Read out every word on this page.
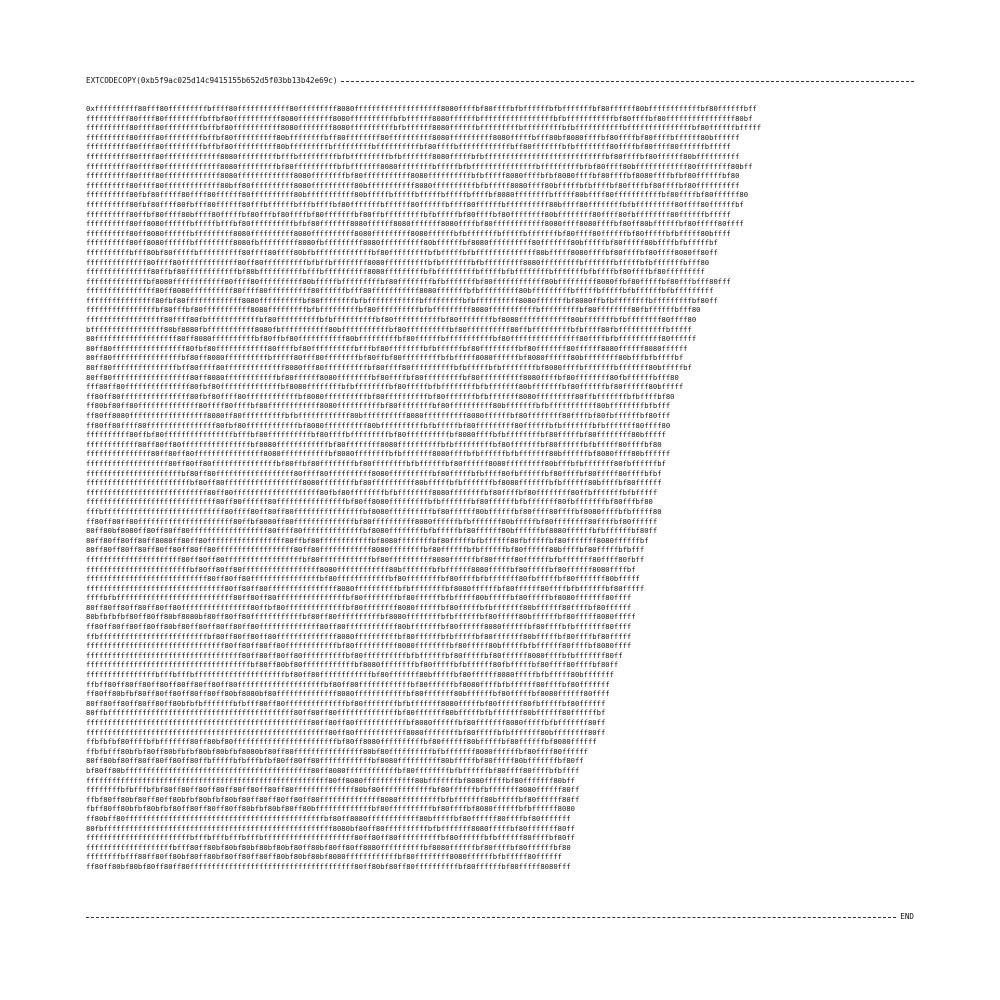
EXTCODECOPY(0xb5f9ac025d14c9415155b652d5f03bb13b42e69c)
0xffffffffff80fff80fffffffffbffff80ffffffffffff80fffffffff8080ffffffffffffffffffff8080ffffbf80ffffbfbffffffbfbfffffffbf80ffffff80bffffffffffffbf80ffffffbff
ffffffffff80ffff80fffffffffbffbf80fffffffffff8080ffffffff8080ffffffffffbfbffffff8080ffffffbfffffffffffffffffbfbfffffffffffbf80ffffbf80ffffffffffffffff80bf
ffffffffff80ffff80fffffffffbffbf80fffffffffff8080ffffffff8080ffffffffffbfbffffff8080ffffffbfffffffffbfffffffffbfbfffffffffffbfffffffffffffffbf80ffffffbfffff
ffffffffff80ffff80fffffffffbffbf80ffffffffff80bffffffffbff80ffffffff80ffffffffff8080ffffffffff8080fffffbfff80bf8080ffffbf80ffffbf80ffffbffffff80bffffff
ffffffffff80ffff80fffffffffbffbf80ffffffffff80bfffffffffbfffffffffbffffffffffbf80ffffbffffffffffffbff80fffffffbfbffffffff80ffffbf80ffff80ffffffbfffff
ffffffffff80ffff80fffffffffffff8080fffffffffbfffbfffffffffbfbfffffffffbfbfffffff8080fffffbfbffffffffffffffffffffffffffffbf80ffffbf80ffffff80bffffffffff
ffffffffff80ffff80fffffffffffff8080fffffffffbf80ffffffffffbfbfffffff8080ffffffffbfffffbfbfffffffffffffffbfffffffffbfbf80ffff80bffffffffffff80ffffffff80bff
ffffffffff80ffff80fffffffffffff8080fffffffffffff8080ffffffffbf80fffffffffff8080ffffffffffbfbfffff8080ffffbfbf8080ffffbf80ffffbf8080ffffbfbf80ffffffbf80
ffffffffff80ffff80fffffffffffff80bff80ffffffffff8080ffffffffff80bfffffffffff8080ffffffffffbfbfffff8080ffff80bfffffbfbffffbf80ffffbf80ffffbf80ffffffffff
ffffffffff80fbf80fffff80ffff80ffffff80ffffffffff80bfffffffffff80bfffffbfffffbfffffbfffffbffffbf8080ffffffffbfffff80bffff80fffffffffffbf80ffffbf80ffffff80
ffffffffff80fbf80ffff80fbfff80ffffff80fffbffffffbfffbffffbf80fffffffbffffff80ffffffbffff80ffffffbffffffffff80bffff80ffffffffbfbfffffffff80ffff80ffffffbf
ffffffffff80ffbf80ffff80bffff80fffffbf80fffbf80ffffbf80fffffffbf80ffbfffffffffbfbfffffbf80ffffbf80ffffffff80bffffffff80ffff80fbffffffff80ffffffbfffff
ffffffffff80ff8080ffffffbfffffbfffbf80ffffffffffbfbf80fffffff8080ffffff8080fffffff8080ffffbf80ffffffffffff8080ffff8080ffffbf80ff80bffffffbf80fffff80ffff
ffffffffff80ff8080ffffffbfffffffff8080ffffffffff8080ffffffffff8080fffffffff8080ffffffbfbfffffffbfffffbfffffffbf80ffff80ffffffbf80fffffbfbfffff80bffff
ffffffffff80ff8080ffffffbfffffffff8080fbfffffffff8080fbfffffffff8080ffffffffff80bffffffbf8080ffffffffff80fffffff80bfffffbf80fffff80bffffbfbfffffbf
ffffffffffbfff80bf80fffffbffffffffff80ffff80ffff80bfbfffffffffffffbf80fffffffffbfbfffffbfbffffffffffffff80bfffff8080ffffbf80ffffbf80ffff8080ff80ff
ffffffffffffff80ffff80fffffffffffff80ff80ffffffffffbfbffbffffffff8080ffffffffffbfbfffffffbfbfffffffff8080fffffffffbfffffffbfffffbfbfffffffbfff80
fffffffffffffff80ffbf80ffffffffffffbf80bffffffffffbfffbffffffffff8080fffffffffbfbfffffffffbfffffbfbffffffffbfffffffbfbffffbf80ffffbf80fffffffff
ffffffffffffffbf8080ffffffffffff80ffff80ffffffffff80bfffffbfffffffffbf80ffffffffbfbfffffffbf80ffffffffffff80bfffffffff8080ffbf80fffffbf80fffbfff80fff
ffffffffffffffff80ff8080ffffffffff80ffff80ffffffffff80ffffffbfff80fffffffffff8080fffffffbfbfffffffff80bfffffffffbfffffbfffffbfbffffffbfbfffffffff
ffffffffffffffff80fbf80fffffffffffff8080ffffffffffbf80ffffffffbfbffffffffffffbfffffffffbfbffffffffff8080fffffffbf8080ffbfbffffffffbfffffffffbf80ff
ffffffffffffffffbf80fffbf80fffffffffff8080fffffffffbfbfffffffffbf80ffffffffffbfbfffffffff8080fffffffffffbfffffffffbf80ffffffff80fbffffffbfff80
ffffffffffffffffff80ffff80fbffffffffffffbf80ffffffffffbfbffffffffffbf80fffffffffffbf80ffffffffbf8080ffffffffffff80bfffffffbfbffffffff80ffff80
bfffffffffffffffff80bf8080fbfffffffffff8080fbfffffffffff80bfffffffffffbf80ffffffffffbf80ffffffffff80ffbfffffffffbfbffff80fbfffffffffffbfffff
80fffffffffffffffffff80ff8080ffffffffffbf80ffbf80fffffffffff80bfffffffffbf80ffffffbfffffffffffbf80ffffffffffffffff80ffffbfbffffffffff80ffffff
80ff80fffffffffffffffff80fbf80ffffffffffff80ffffbf80ffffffffffbfffbf80ffffffffbfbffffffbf80fffffffffbf80fffffff80ffffff8080ffffff8080ffffff
80ff80ffffffffffffffffbf80ff8080ffffffffffbfffff80fff80ffffffffbf80ffbf80fffffffffbfbfffff8080ffffffbf8080ffffff80bffffffff80bfffbfbffffbf
80ff80fffffffffffffffbff80ffff80ffffffffffffff8080fff80ffffffffffbf80ffff80ffffffffffbfbfffffbfbffffffffbf8080ffffbfffffffbfffffff80bfffffbf
80ff80ffffffffffffffffff80ff8080ffffffffffffbf80ffffff8080ffffffffbf80ffffbf80fffffffffbf80ffffffffff8080ffffbf80ffffffff80fbffffffbfff80
fff80ff80fffffffffffffff80fbf80ffffffffffffffbf8080ffffffffbfbffffffffbf80fffffbfbffffffffbfbfffffff80bfffffffbf80ffffffbf80ffffff80bfffff
ff80ff80ffffffffffffffff80fbf80ffff80ffffffffffffbf8080ffffffffffbf80ffffffffffbf80fffffffbfbfffffff8080fffffffff80ffbfffffffbfbffffbf80
ff80bf80ff80ffffffffffffff80ffff80ffffbf80ffffffffffff8080ffffffffffbf80ffffffffbf80ffffffffff80bfffffffbfbfffffffffff80bffffffffbfbfff
ff80ff8080ffffffffffffffffff8080ff80ffffffffffbfbffffffffffff80bffffffffff8080ffffffffff8080ffffffbf80ffffffff80ffffbf80fbffffffbf80fff
ff80ff80ffff80ffffffffffffffff80fbf80ffffffffffffbf8080ffffffffff80bffffffffffbfbfffffbf80fffffffff80ffffffbfbfffffffbfbfffffff80ffff80
ffffffffff80ffbf80ffffffffffffffffbfffbf80ffffffffffbf80ffffbfffffffffbf80ffffffffffbf8080ffffbfbffffffffbf80fffffbf80ffffffff80bfffff
ffffffffffff80ff80ff80ffffffffffffffffbf8080ffffffffffffbf80ffffffff8080ffffffffffbfbfffffffffbf80fffffffbf80ffffffbfbfffff80ffffbf80
fffffffffffffff80ff80ff80ffffffffffffffff8080fffffffffffbf8080ffffffffbfbfffffff8080ffffbfbffffffbfbfffffff80bffffffbf8080ffff80bffffff
fffffffffffffffffff80ff80ff80fffffffffffffffbf80ffbf80ffffffffbf80ffffffffbfbffffffbf80ffffff8080fffffffff80bfffbfbfffffff80fbffffffbf
ffffffffffffffffffffffbf80ff80ffffffffffffffffff80ffff80ffffffffff8080ffffffffffbf80fffffbfbffff80fbffffffbf80ffffbf80fffff80ffffbfbf
ffffffffffffffffffffffffbf80ff80ffffffffffffffffff8080ffffffffbf80ffffffffff80bfffffbfbfffffffbf8080fffffffbfbffffff80bffffbf80ffffff
ffffffffffffffffffffffffffff80ff80ffffffffffffffffffff80fbf80ffffffffbfbffffffff8080ffffffffbf80ffffbf80ffffffff80ffbfffffffbfbfffff
ffffffffffffffffffffffffffffff80ff80ffffff80ffffffffffffffffbf80ff8080fffffffffbfbfffffffbf80ffffffbfbfffffff80fbfffffffbf80fffbf80
fffbffffffffffffffffffffffffffff80ffff80ff80ff80ffffffffffffffffbf8080ffffffffffbf80ffffff80bffffffbf80ffff80ffffbf8080ffffbfbfffff80
ff80ff80ff80ffffffffffffffffffffff80ffbf8080ff80ffffffffffffffbf80ffffffffff8080ffffffbfbfffffff80bfffffbf80ffffffff80ffffbf80ffffff
80ff80bf8080ff80ff80ff80ffffffffffffffffff80ffff80ffffffffffffffbf8080ffffffffbfbfffffbf80ffffff80bffffffbf8080ffffffbfbffffffbf80ff
80ff80ff80ff80ff8080ff80ff80ffffffffffffffffff80ffbf80ffffffffffffbf8080ffffffffbf80fffffbfbffffff80fbfffffbf80fffffff8080ffffffbf
80ff80ff80ff80ff80ff80ff80ff80ffffffffffffffffff80ff80ffffffffffff8080ffffffffbf80ffffffbfbffffffbf80ffffff80bffffbf80fffffbfbfff
ffffffffffffffffffffff80ff80ff80ffffffffffffffffffbf80ffffffffffffbf80ffffffffff8080ffffffbf80fffff80ffffffbfbfffffff80ffff80fbff
ffffffffffffffffffffffffbf80ff80ff80ffffffffffffffffff8080ffffffffffff80bfffffffbfbffffff8080fffffbf80fffffbf80ffffff8080ffffbf
ffffffffffffffffffffffffffff80ff80ff80ffffffffffffffffbf80ffffffffffffbf80ffffffffbf80ffffbfbfffffff80fbfffffbf80fffffff80bfffff
ffffffffffffffffffffffffffffffff80ff80ff80ffffffffffffffff8080ffffffffffbfbffffffffbf8080ffffffbf80ffffff80ffffbfbffffffbf80fffff
ffffbfbfffffffffffffffffffffffffff80ff80ff80ffffffffffffffffbf80ffffffffbf80ffffffbfbfffff80bfffffbf80fffffbf8080fffffff80ffff
80ff80ff80ff80ff80ff80ffffffffffffffff80ffbf80ffffffffffffffbf80ffffffff8080ffffffbf80fffffbfbfffffff80bffffff80ffffbf80ffffff
80bfbfbfbf80ff80ff80bf8080bf80ff80ff80ffffffffffffbf80ff80ffffffffffbf8080ffffffffbfbffffffbf80fffff80bffffffbf80fffff8080fffff
ff80ff80ff80ff80ff80bf80ff80ff80ff80ff80ffffffffffffff80ff80ffffffffffff80bfffffffbf80ffffff8080ffffffbf80ffffbfbfffffff80ffff
ffbfffffffffffffffffffffffffbf80ff80ff80ff80ffffffffffffff8080ffffffffffbf80ffffffbfbfffffbf80fffffff80bfffffbf80ffffbf80fffff
ffffffffffffffffffffffffffffffff80ff80ff80ff80ffffffffffffbf80ffffffffff8080ffffffffbf80fffff80bfffffbfbffffff80ffffbf8080ffff
ffffffffffffffffffffffffffffffffffff80ff80ff80ff80ffffffffffbf80ffffffffffbfbffffffbf80fffffbf80ffffff8080ffffbfbfffffff80ff
ffffffffffffffffffffffffffffffffffffffbf80ff80bf80ffffffffffffbf8080ffffffffbf80fffffbfbffffff80fbfffffbf80ffff80ffffbf80ff
ffffffffffffffffbfffbfffbfffffffffffffffffffffbf80ff80ffffffffffffbf80fffffff80bfffffbf80ffffff8080fffffbfbfffff80bfffffff
ffbff80ff80ff80ff80ff80ff80ff80ff80ffffffffffffffffffffbf80ff80ffffffffffffbf80ffffffbf8080ffffbfbffffff80ffffbf80fffffff
ff80ff80bfbf80ff80ff80ff80ff80ff80bf8080bf80ffffffffffffff8080ffffffffffffbf80fffffff80bffffffbf80fffffbf8080ffffff80ffff
80ff80ff80ff80ff80ff80bfbfbfffffffbfbfff80ff80ffffffffffffffbf80ffffffffbfbfffffff8080fffffbf80ffffff80fbfffffbf80ffffff
80ffbfffffffffffffffffffffffffffffffffffffffffff80ff80ff80ffffffffffffffbf80fffffff80bfffffbfbfffffff80bffffff80ffffffbf
ffffffffffffffffffffffffffffffffffffffffffffffffffff80ff80ff80ffffffffffffbf8080ffffffbf80fffffff8080fffffbfbfffffff80ff
ffffffffffffffffffffffffffffffffffffffffffffffffffffffff80ff80ffffffffffff8080ffffffffbf80fffffbfbfffffff80bffffffff80ff
ffbfbfbf80ffffbfbfffffff80ff80bf80ffffffffffffffffffffffffbf80ff8080ffffffffffbf80ffffff80bfffffbf80ffffffbf8080ffffff
ffbfbfff80bfbf80ff80bfbfbf80bf80bfbf8080bf80ff80ffffffffffffffff80bf80ffffffffffbfbfffffff8080ffffffbf80ffff80ffffff
80ff80bf80ff80ff80ff80ff80ffbfffffbfbfffbfbf80ff80ff80ffffffffffffbf8080ffffffffff80bfffffbf80fffff80bfffffffbf80ff
bf80ff80bfffffffffffffffffffffffffffffffffffffffffff80ff8080ffffffffffffbf80ffffffffbfbffffffbf80ffff80ffffbfbffff
ffffffffffffffffffffffffffffffffffffffffffffffffffffffff80ff8080ffffffffffff80bfffffffbf8080fffffbf80fffffff80bff
ffffffffbfbfffbfbf80ff80ff80ff80ff80ff80ff80ff80ffffffffffffff80bf80ffffffffffffbf80ffffffbfbfffffff8080ffffff80ff
ffbf80ff80bf80ff80ff80bfbf80bfbf80bf80ff80ff80ff80ff80ffffffffffffff8080ffffffffffbfbfffffff80bfffffbf80ffffff80ff
fbff80ff80bfbf80bfbf80ff80ff80ff80ff80bfbf80bf80ff80bfffffffffffffbf80ffffffffffbf80ffffbf8080ffffffbfbffffff8080
ff80bff80ffffffffffffffffffffffffffffffffffffffffffffffbf80ff8080ffffffffffff80bfffffbf80ffffff80ffffbf80fffffff
80fbfffffffffffffffffffffffffffffffffffffffffffffffffffff8080bf80ff80ffffffffffbfbfffffff8080fffffbf80fffffff80ff
ffffffffffffffffffffffffbfffbfffbfffbfffbfffffffffffffffffffff80ff80ff80ffffffffffbf80ffffffbfbffffff80ffffbf80ff
ffffffffffffffffffffbfff80ff80bf80bf80bf80bf80bf80ff80bf80ff80ff8080ffffffffffbf8080ffffffbf80ffffbf80ffffffbf80
ffffffffbfff80ff80ff80bf80ff80bf80ff80ff80ff80bf80bf80bf8080ffffffffffffbf80ffffffff8080ffffffbfbfffff80ffffff
ff80ff80bf80bf80ff80ff80ffffffffffffffffffffffffffffffffffffff80ff80bf80ff80ffffffffffbf80ffffffbf80fffff8080fff
END
